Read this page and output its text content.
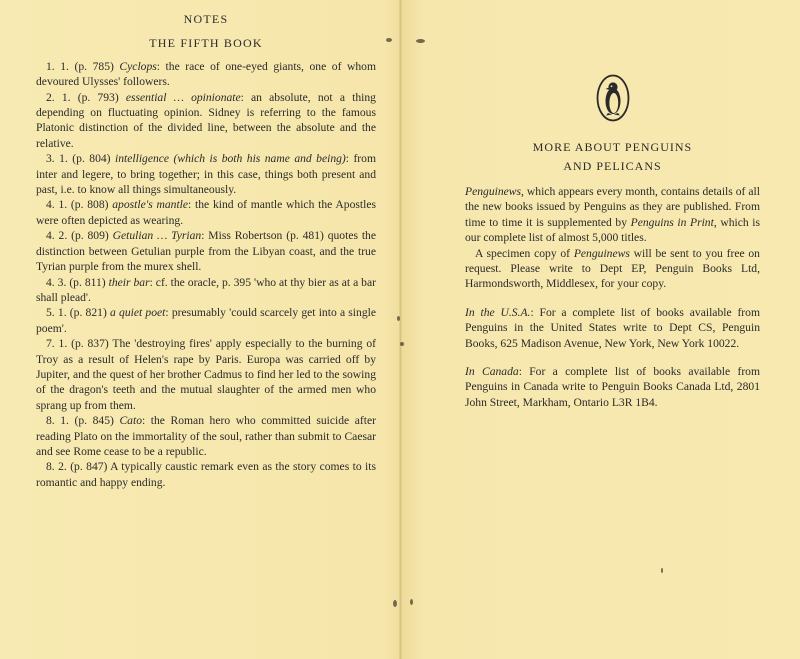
NOTES

THE FIFTH BOOK

1. 1. (p. 785) Cyclops: the race of one-eyed giants, one of whom devoured Ulysses' followers.

2. 1. (p. 793) essential … opinionate: an absolute, not a thing depending on fluctuating opinion. Sidney is referring to the famous Platonic distinction of the divided line, between the absolute and the relative.

3. 1. (p. 804) intelligence (which is both his name and being): from inter and legere, to bring together; in this case, things both present and past, i.e. to know all things simultaneously.

4. 1. (p. 808) apostle's mantle: the kind of mantle which the Apostles were often depicted as wearing.

4. 2. (p. 809) Getulian … Tyrian: Miss Robertson (p. 481) quotes the distinction between Getulian purple from the Libyan coast, and the true Tyrian purple from the murex shell.

4. 3. (p. 811) their bar: cf. the oracle, p. 395 'who at thy bier as at a bar shall plead'.

5. 1. (p. 821) a quiet poet: presumably 'could scarcely get into a single poem'.

7. 1. (p. 837) The 'destroying fires' apply especially to the burning of Troy as a result of Helen's rape by Paris. Europa was carried off by Jupiter, and the quest of her brother Cadmus to find her led to the sowing of the dragon's teeth and the mutual slaughter of the armed men who sprang up from them.

8. 1. (p. 845) Cato: the Roman hero who committed suicide after reading Plato on the immortality of the soul, rather than submit to Caesar and see Rome cease to be a republic.

8. 2. (p. 847) A typically caustic remark even as the story comes to its romantic and happy ending.

MORE ABOUT PENGUINS
AND PELICANS

Penguinews, which appears every month, contains details of all the new books issued by Penguins as they are published. From time to time it is supplemented by Penguins in Print, which is our complete list of almost 5,000 titles.

A specimen copy of Penguinews will be sent to you free on request. Please write to Dept EP, Penguin Books Ltd, Harmondsworth, Middlesex, for your copy.

In the U.S.A.: For a complete list of books available from Penguins in the United States write to Dept CS, Penguin Books, 625 Madison Avenue, New York, New York 10022.

In Canada: For a complete list of books available from Penguins in Canada write to Penguin Books Canada Ltd, 2801 John Street, Markham, Ontario L3R 1B4.
